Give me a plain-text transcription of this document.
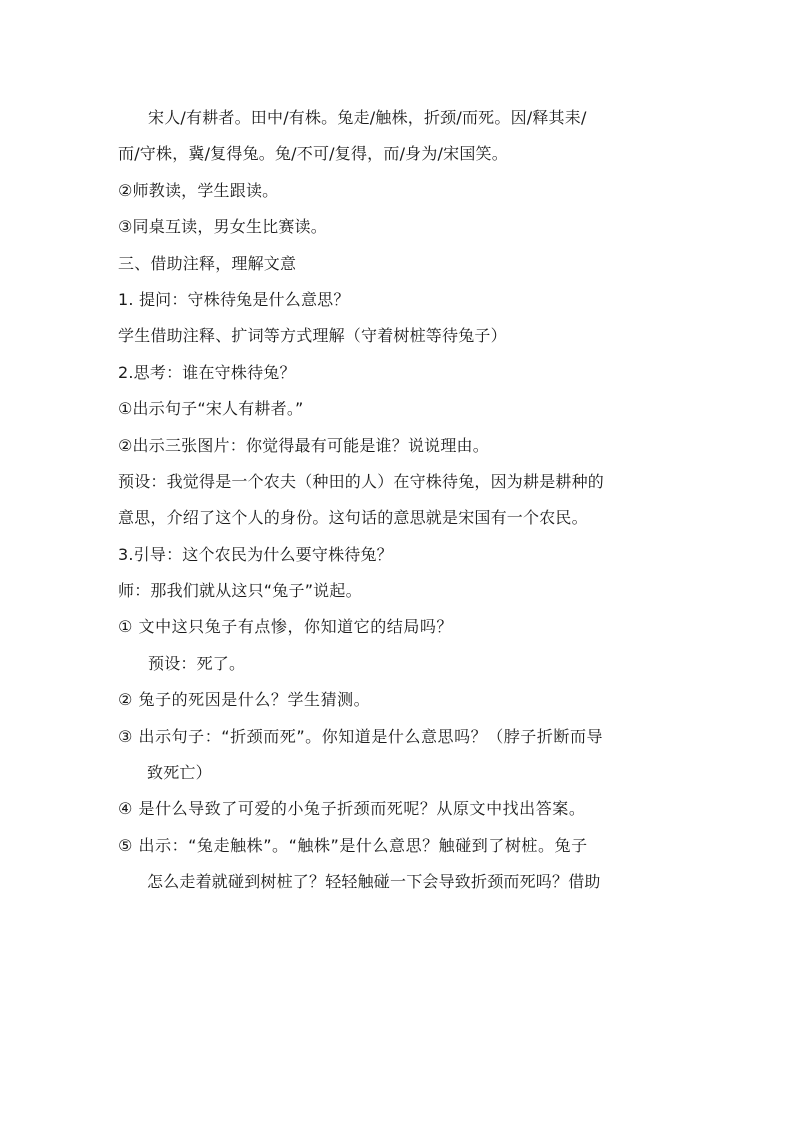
宋人/有耕者。田中/有株。兔走/触株，折颈/而死。因/释其耒/
而/守株，冀/复得兔。兔/不可/复得，而/身为/宋国笑。
②师教读，学生跟读。
③同桌互读，男女生比赛读。
三、借助注释，理解文意
1. 提问：守株待兔是什么意思？
学生借助注释、扩词等方式理解（守着树桩等待兔子）
2.思考：谁在守株待兔？
①出示句子“宋人有耕者。”
②出示三张图片：你觉得最有可能是谁？说说理由。
预设：我觉得是一个农夫（种田的人）在守株待兔，因为耕是耕种的
意思，介绍了这个人的身份。这句话的意思就是宋国有一个农民。
3.引导：这个农民为什么要守株待兔？
师：那我们就从这只“兔子”说起。
① 文中这只兔子有点惨，你知道它的结局吗？
预设：死了。
② 兔子的死因是什么？学生猜测。
③ 出示句子：“折颈而死”。你知道是什么意思吗？（脖子折断而导
致死亡）
④ 是什么导致了可爱的小兔子折颈而死呢？从原文中找出答案。
⑤ 出示：“兔走触株”。“触株”是什么意思？触碰到了树桩。兔子
怎么走着就碰到树桩了？轻轻触碰一下会导致折颈而死吗？借助
